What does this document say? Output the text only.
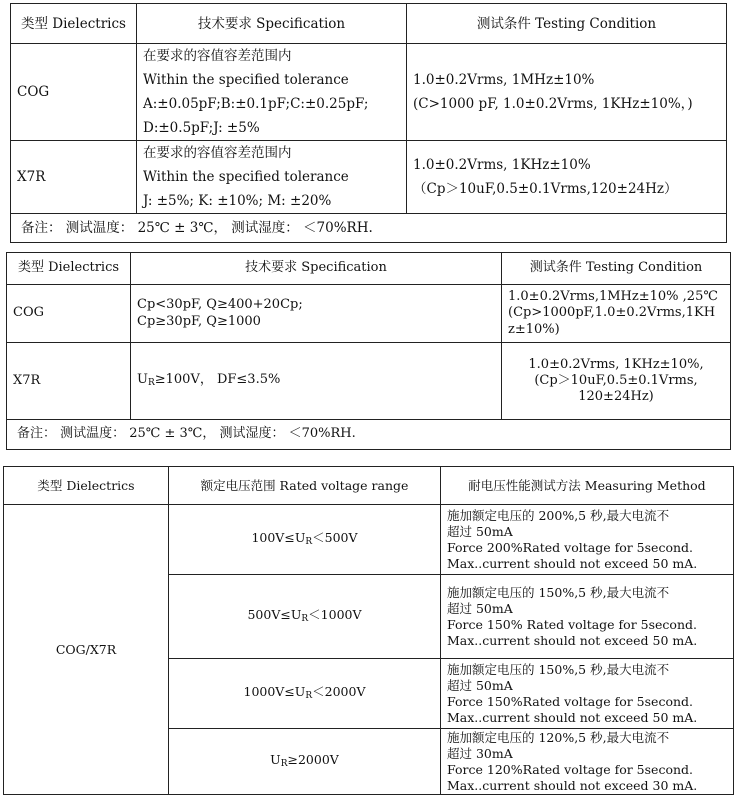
类型 Dielectrics	技术要求 Specification	测试条件 Testing Condition
COG	在要求的容值容差范围内
Within the specified tolerance
A:±0.05pF;B:±0.1pF;C:±0.25pF;
D:±0.5pF;J: ±5%	1.0±0.2Vrms, 1MHz±10%
(C>1000 pF, 1.0±0.2Vrms, 1KHz±10%，)

X7R	在要求的容值容差范围内
Within the specified tolerance
J: ±5%; K: ±10%; M: ±20%	1.0±0.2Vrms, 1KHz±10%
（Cp＞10uF,0.5±0.1Vrms,120±24Hz）

备注： 测试温度： 25℃ ± 3℃， 测试湿度： ＜70%RH.		
类型 Dielectrics	技术要求 Specification	测试条件 Testing Condition
COG	Cp<30pF, Q≥400+20Cp;
Cp≥30pF, Q≥1000	1.0±0.2Vrms,1MHz±10% ,25℃
(Cp>1000pF,1.0±0.2Vrms,1KH
z±10%)

X7R	$U_R\ge 100V$， DF≤3.5%	1.0±0.2Vrms, 1KHz±10%,
(Cp＞10uF,0.5±0.1Vrms,
120±24Hz)

备注： 测试温度： 25℃ ± 3℃， 测试湿度： ＜70%RH.		
类型 Dielectrics	额定电压范围 Rated voltage range	耐电压性能测试方法 Measuring Method
COG/X7R	$100V\le U_R<500V$	施加额定电压的 200%,5 秒,最大电流不
超过 50mA
Force 200%Rated voltage for 5second.
Max..current should not exceed 50 mA.

	$500V\le U_R<1000V$	施加额定电压的 150%,5 秒,最大电流不
超过 50mA
Force 150% Rated voltage for 5second.
Max..current should not exceed 50 mA.

	$1000V\le U_R<2000V$	施加额定电压的 150%,5 秒,最大电流不
超过 50mA
Force 150%Rated voltage for 5second.
Max..current should not exceed 50 mA.

	$U_R\ge 2000V$	施加额定电压的 120%,5 秒,最大电流不
超过 30mA
Force 120%Rated voltage for 5second.
Max..current should not exceed 30 mA.
